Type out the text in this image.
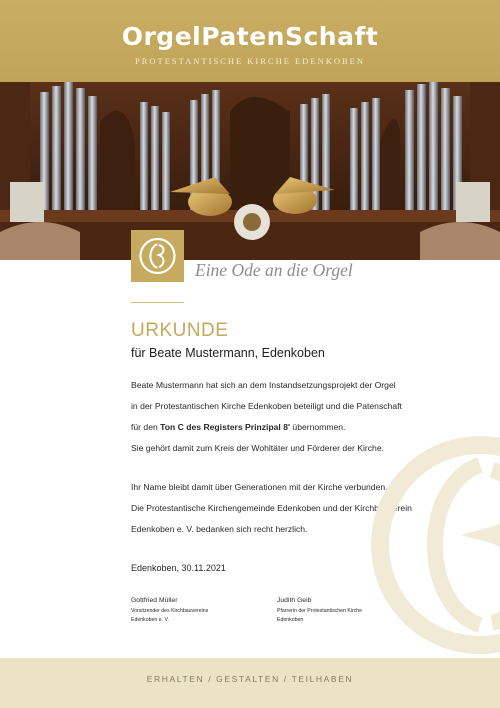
OrgelPatenSchaft
PROTESTANTISCHE KIRCHE EDENKOBEN
Eine Ode an die Orgel
URKUNDE
für Beate Mustermann, Edenkoben
Beate Mustermann hat sich an dem Instandsetzungsprojekt der Orgel
in der Protestantischen Kirche Edenkoben beteiligt und die Patenschaft
für den Ton C des Registers Prinzipal 8' übernommen.
Sie gehört damit zum Kreis der Wohltäter und Förderer der Kirche.
Ihr Name bleibt damit über Generationen mit der Kirche verbunden.
Die Protestantische Kirchengemeinde Edenkoben und der Kirchbauverein
Edenkoben e. V. bedanken sich recht herzlich.
Edenkoben, 30.11.2021
Gottfried Müller
Vorsitzender des Kirchbauvereins
Edenkoben e. V.
Judith Geib
Pfarrerin der Protestantischen Kirche
Edenkoben
ERHALTEN / GESTALTEN / TEILHABEN
